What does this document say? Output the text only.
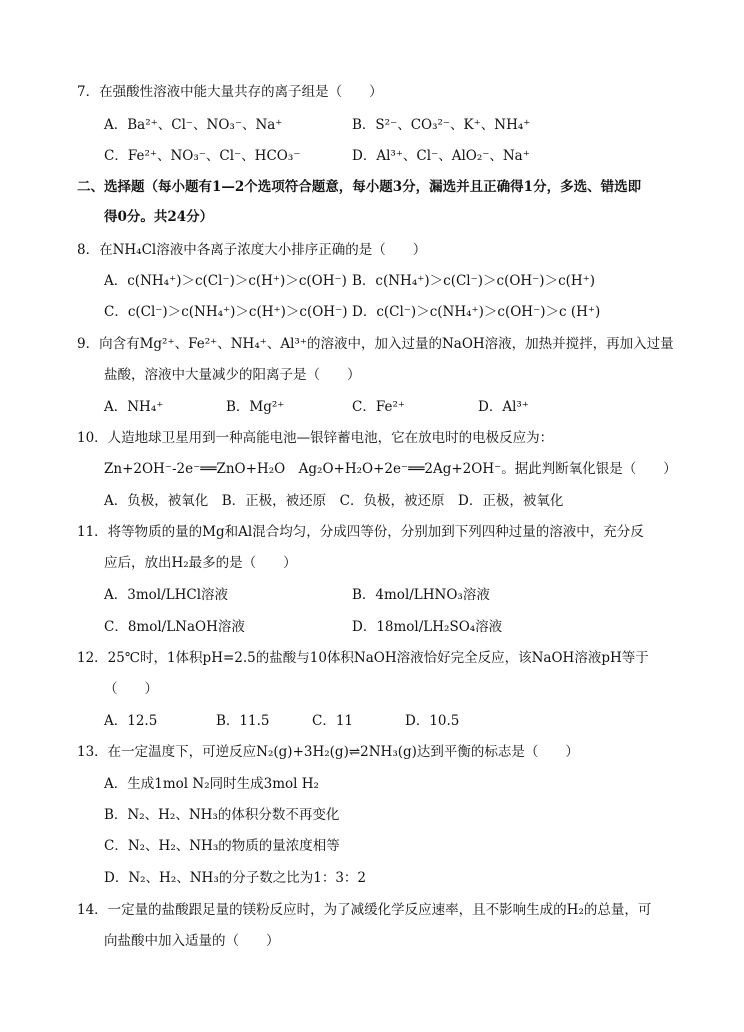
7．在强酸性溶液中能大量共存的离子组是（　　）
A．Ba²⁺、Cl⁻、NO₃⁻、Na⁺	B．S²⁻、CO₃²⁻、K⁺、NH₄⁺
C．Fe²⁺、NO₃⁻、Cl⁻、HCO₃⁻	D．Al³⁺、Cl⁻、AlO₂⁻、Na⁺
二、选择题（每小题有1—2个选项符合题意，每小题3分，漏选并且正确得1分，多选、错选即
得0分。共24分）
8．在NH₄Cl溶液中各离子浓度大小排序正确的是（　　）
A．c(NH₄⁺)＞c(Cl⁻)＞c(H⁺)＞c(OH⁻) B．c(NH₄⁺)＞c(Cl⁻)＞c(OH⁻)＞c(H⁺)
C．c(Cl⁻)＞c(NH₄⁺)＞c(H⁺)＞c(OH⁻) D．c(Cl⁻)＞c(NH₄⁺)＞c(OH⁻)＞c (H⁺)
9．向含有Mg²⁺、Fe²⁺、NH₄⁺、Al³⁺的溶液中，加入过量的NaOH溶液，加热并搅拌，再加入过量
盐酸，溶液中大量减少的阳离子是（　　）
A．NH₄⁺	B．Mg²⁺	C．Fe²⁺	D．Al³⁺
10．人造地球卫星用到一种高能电池—银锌蓄电池，它在放电时的电极反应为：
Zn+2OH⁻-2e⁻══ZnO+H₂O　Ag₂O+H₂O+2e⁻══2Ag+2OH⁻。据此判断氧化银是（　　）
A．负极，被氧化　B．正极，被还原　C．负极，被还原　D．正极，被氧化
11．将等物质的量的Mg和Al混合均匀，分成四等份，分别加到下列四种过量的溶液中，充分反
应后，放出H₂最多的是（　　）
A．3mol/LHCl溶液	B．4mol/LHNO₃溶液
C．8mol/LNaOH溶液	D．18mol/LH₂SO₄溶液
12．25℃时，1体积pH=2.5的盐酸与10体积NaOH溶液恰好完全反应，该NaOH溶液pH等于
（　　）
A．12.5	B．11.5	C．11	D．10.5
13．在一定温度下，可逆反应N₂(g)+3H₂(g)⇌2NH₃(g)达到平衡的标志是（　　）
A．生成1mol N₂同时生成3mol H₂
B．N₂、H₂、NH₃的体积分数不再变化
C．N₂、H₂、NH₃的物质的量浓度相等
D．N₂、H₂、NH₃的分子数之比为1：3：2
14．一定量的盐酸跟足量的镁粉反应时，为了减缓化学反应速率，且不影响生成的H₂的总量，可
向盐酸中加入适量的（　　）
